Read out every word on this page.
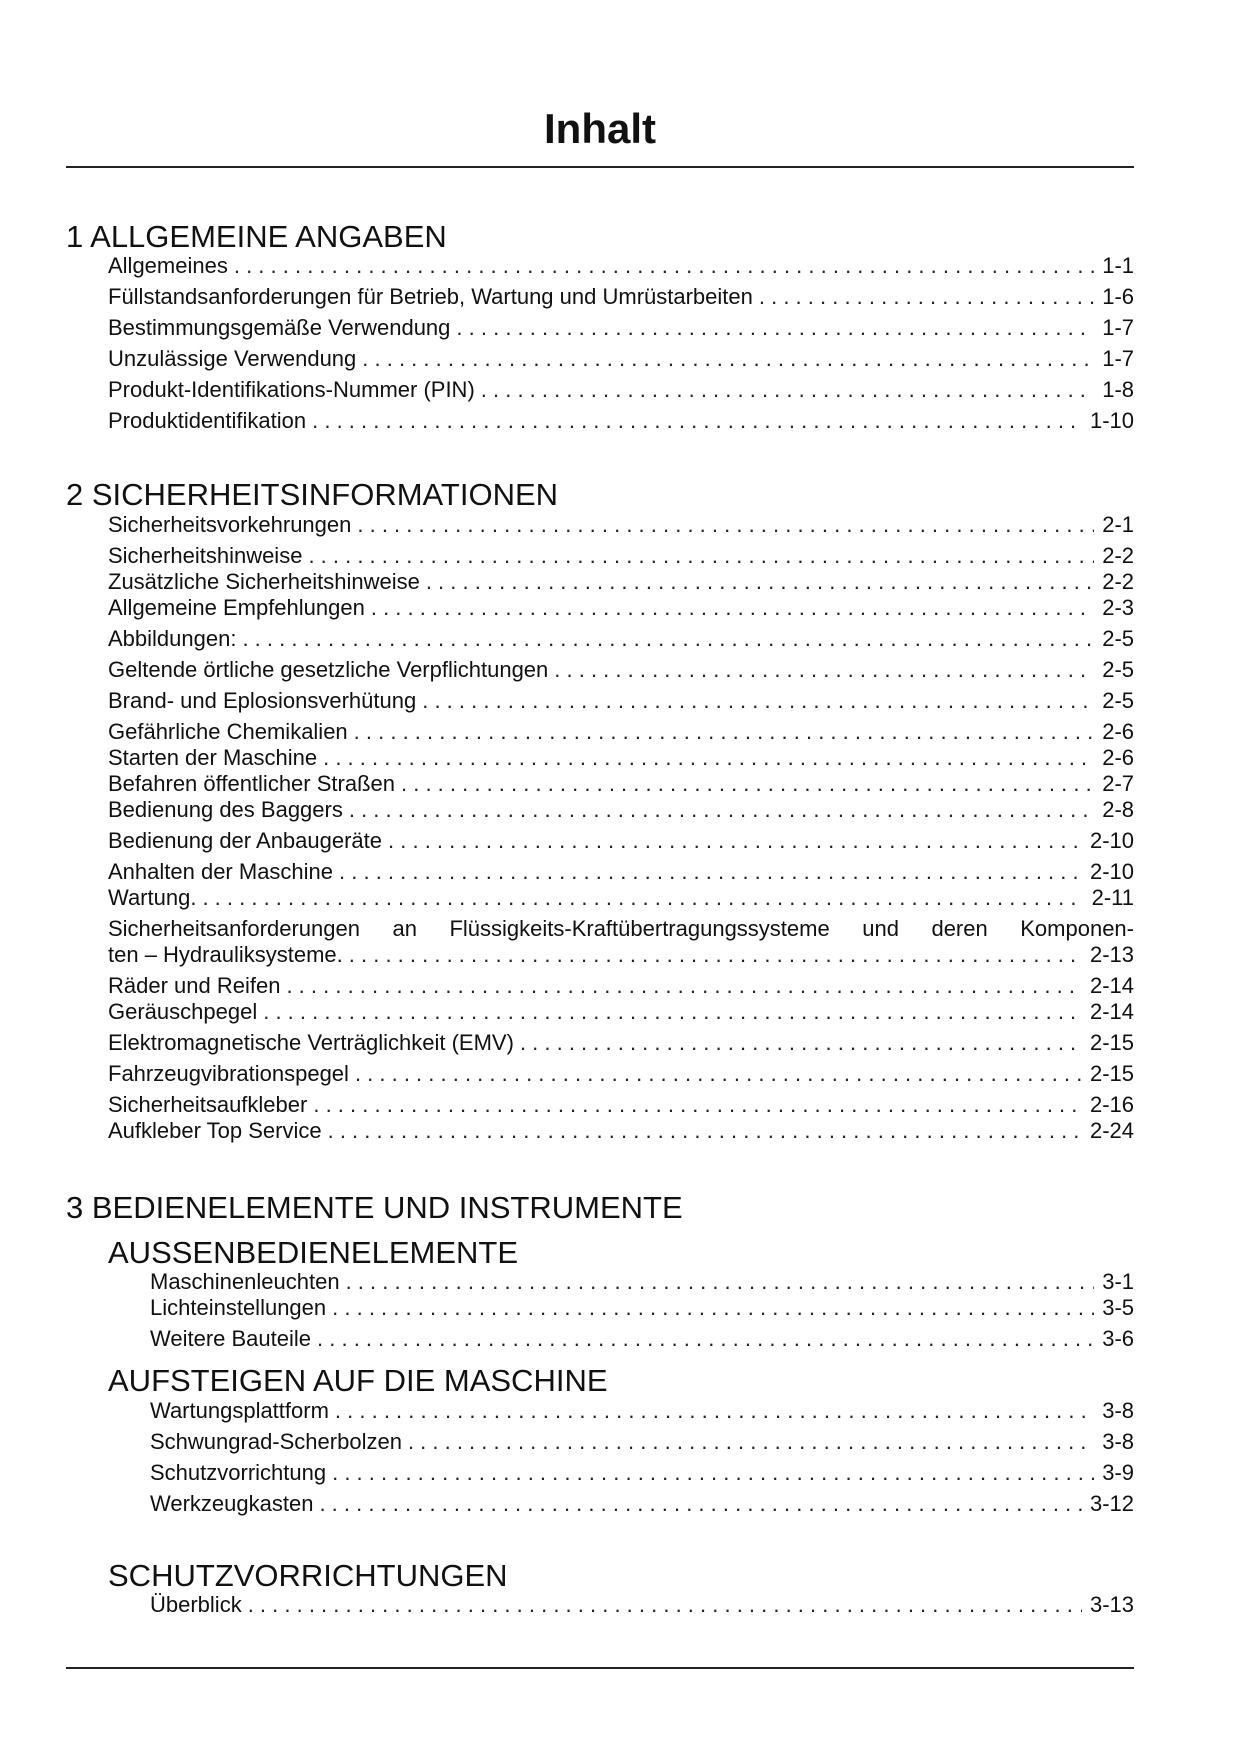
Inhalt
1 ALLGEMEINE ANGABEN
Allgemeines . . .	1-1
Füllstandsanforderungen für Betrieb, Wartung und Umrüstarbeiten . . .	1-6
Bestimmungsgemäße Verwendung . . .	1-7
Unzulässige Verwendung . . .	1-7
Produkt-Identifikations-Nummer (PIN) . . .	1-8
Produktidentifikation . . .	1-10
2 SICHERHEITSINFORMATIONEN
Sicherheitsvorkehrungen . . .	2-1
Sicherheitshinweise . . .	2-2
Zusätzliche Sicherheitshinweise . . .	2-2
Allgemeine Empfehlungen . . .	2-3
Abbildungen: . . .	2-5
Geltende örtliche gesetzliche Verpflichtungen . . .	2-5
Brand- und Eplosionsverhütung . . .	2-5
Gefährliche Chemikalien . . .	2-6
Starten der Maschine . . .	2-6
Befahren öffentlicher Straßen . . .	2-7
Bedienung des Baggers . . .	2-8
Bedienung der Anbaugeräte . . .	2-10
Anhalten der Maschine . . .	2-10
Wartung. . . .	2-11
Sicherheitsanforderungen an Flüssigkeits-Kraftübertragungssysteme und deren Komponen-
ten – Hydrauliksysteme. . . .	2-13
Räder und Reifen . . .	2-14
Geräuschpegel . . .	2-14
Elektromagnetische Verträglichkeit (EMV) . . .	2-15
Fahrzeugvibrationspegel . . .	2-15
Sicherheitsaufkleber . . .	2-16
Aufkleber Top Service . . .	2-24
3 BEDIENELEMENTE UND INSTRUMENTE
AUSSENBEDIENELEMENTE
Maschinenleuchten . . .	3-1
Lichteinstellungen . . .	3-5
Weitere Bauteile . . .	3-6
AUFSTEIGEN AUF DIE MASCHINE
Wartungsplattform . . .	3-8
Schwungrad-Scherbolzen . . .	3-8
Schutzvorrichtung . . .	3-9
Werkzeugkasten . . .	3-12
SCHUTZVORRICHTUNGEN
Überblick . . .	3-13
